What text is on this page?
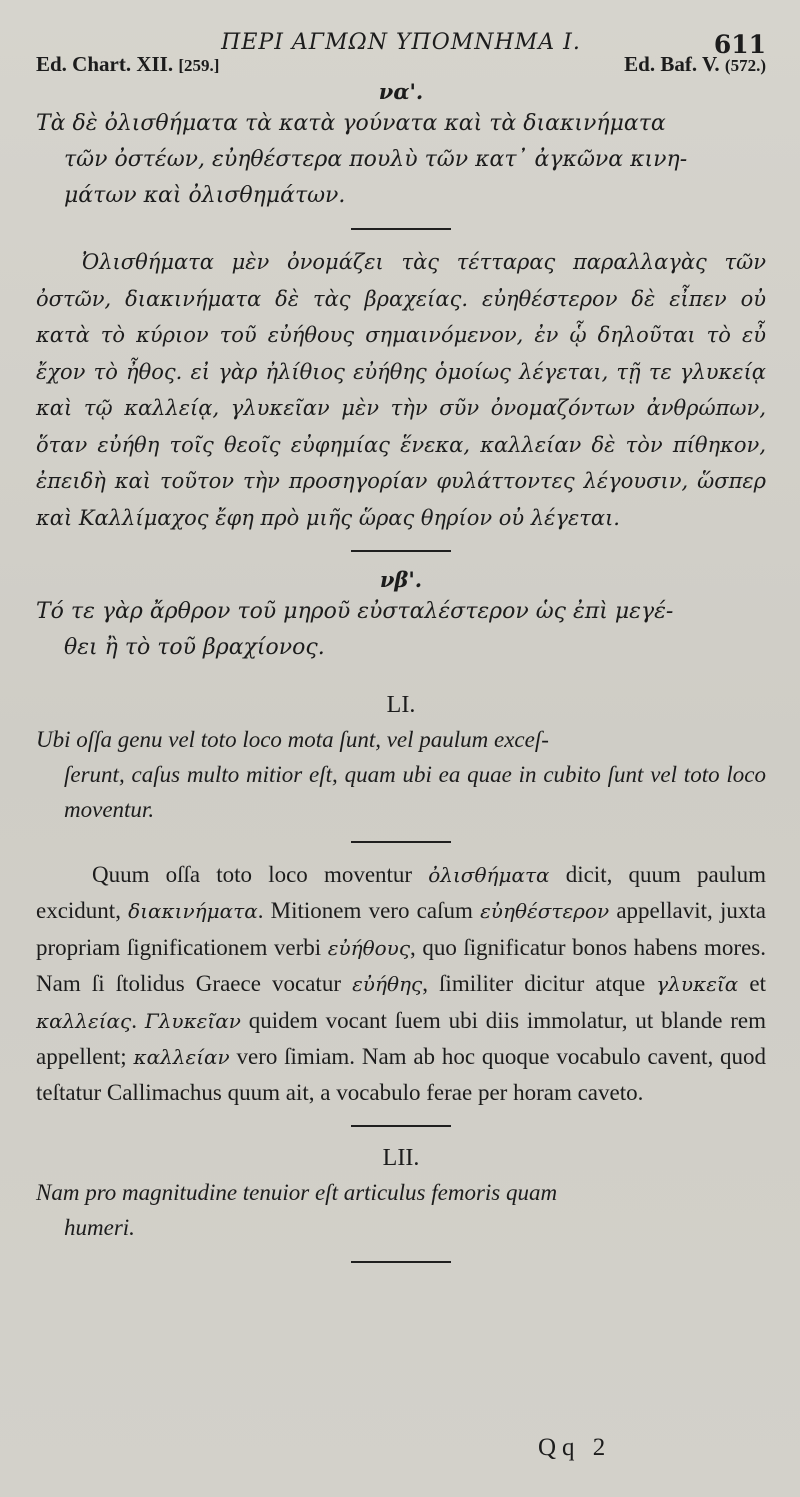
ΠΕΡΙ ΑΓΜΩΝ ΥΠΟΜΝΗΜΑ Ι.	611
Ed. Chart. XII. [259.]	Ed. Baf. V. (572.)
να'.

Τὰ δὲ ὀλισθήματα τὰ κατὰ γούνατα καὶ τὰ διακινήματα

τῶν ὀστέων, εὐηθέστερα πουλὺ τῶν κατ᾽ ἀγκῶνα κινη-

μάτων καὶ ὀλισθημάτων.

Ὀλισθήματα μὲν ὀνομάζει τὰς τέτταρας παραλλαγὰς τῶν ὀστῶν, διακινήματα δὲ τὰς βραχείας. εὐηθέστερον δὲ εἶπεν οὐ κατὰ τὸ κύριον τοῦ εὐήθους σημαινόμενον, ἐν ᾧ δηλοῦται τὸ εὖ ἔχον τὸ ἦθος. εἰ γὰρ ἠλίθιος εὐήθης ὁμοίως λέγεται, τῇ τε γλυκείᾳ καὶ τῷ καλλείᾳ, γλυκεῖαν μὲν τὴν σῦν ὀνομαζόντων ἀνθρώπων, ὅταν εὐήθη τοῖς θεοῖς εὐφημίας ἕνεκα, καλλείαν δὲ τὸν πίθηκον, ἐπειδὴ καὶ τοῦτον τὴν προσηγορίαν φυλάττοντες λέγουσιν, ὥσπερ καὶ Καλλίμαχος ἔφη πρὸ μιῆς ὥρας θηρίον οὐ λέγεται.

νβ'.

Τό τε γὰρ ἄρθρον τοῦ μηροῦ εὐσταλέστερον ὡς ἐπὶ μεγέ-

θει ἢ τὸ τοῦ βραχίονος.

LI.

Ubi oſſa genu vel toto loco mota ſunt, vel paulum exceſ-
ſerunt, caſus multo mitior eſt, quam ubi ea quae in cubito ſunt vel toto loco moventur.

Quum oſſa toto loco moventur ὀλισθήματα dicit, quum paulum excidunt, διακινήματα. Mitionem vero caſum εὐηθέστερον appellavit, juxta propriam ſignificationem verbi εὐήθους, quo ſignificatur bonos habens mores. Nam ſi ſtolidus Graece vocatur εὐήθης, ſimiliter dicitur atque γλυκεῖα et καλλείας. Γλυκεῖαν quidem vocant ſuem ubi diis immolatur, ut blande rem appellent; καλλείαν vero ſimiam. Nam ab hoc quoque vocabulo cavent, quod teſtatur Callimachus quum ait, a vocabulo ferae per horam caveto.

LII.

Nam pro magnitudine tenuior eſt articulus femoris quam
humeri.

Qq 2
